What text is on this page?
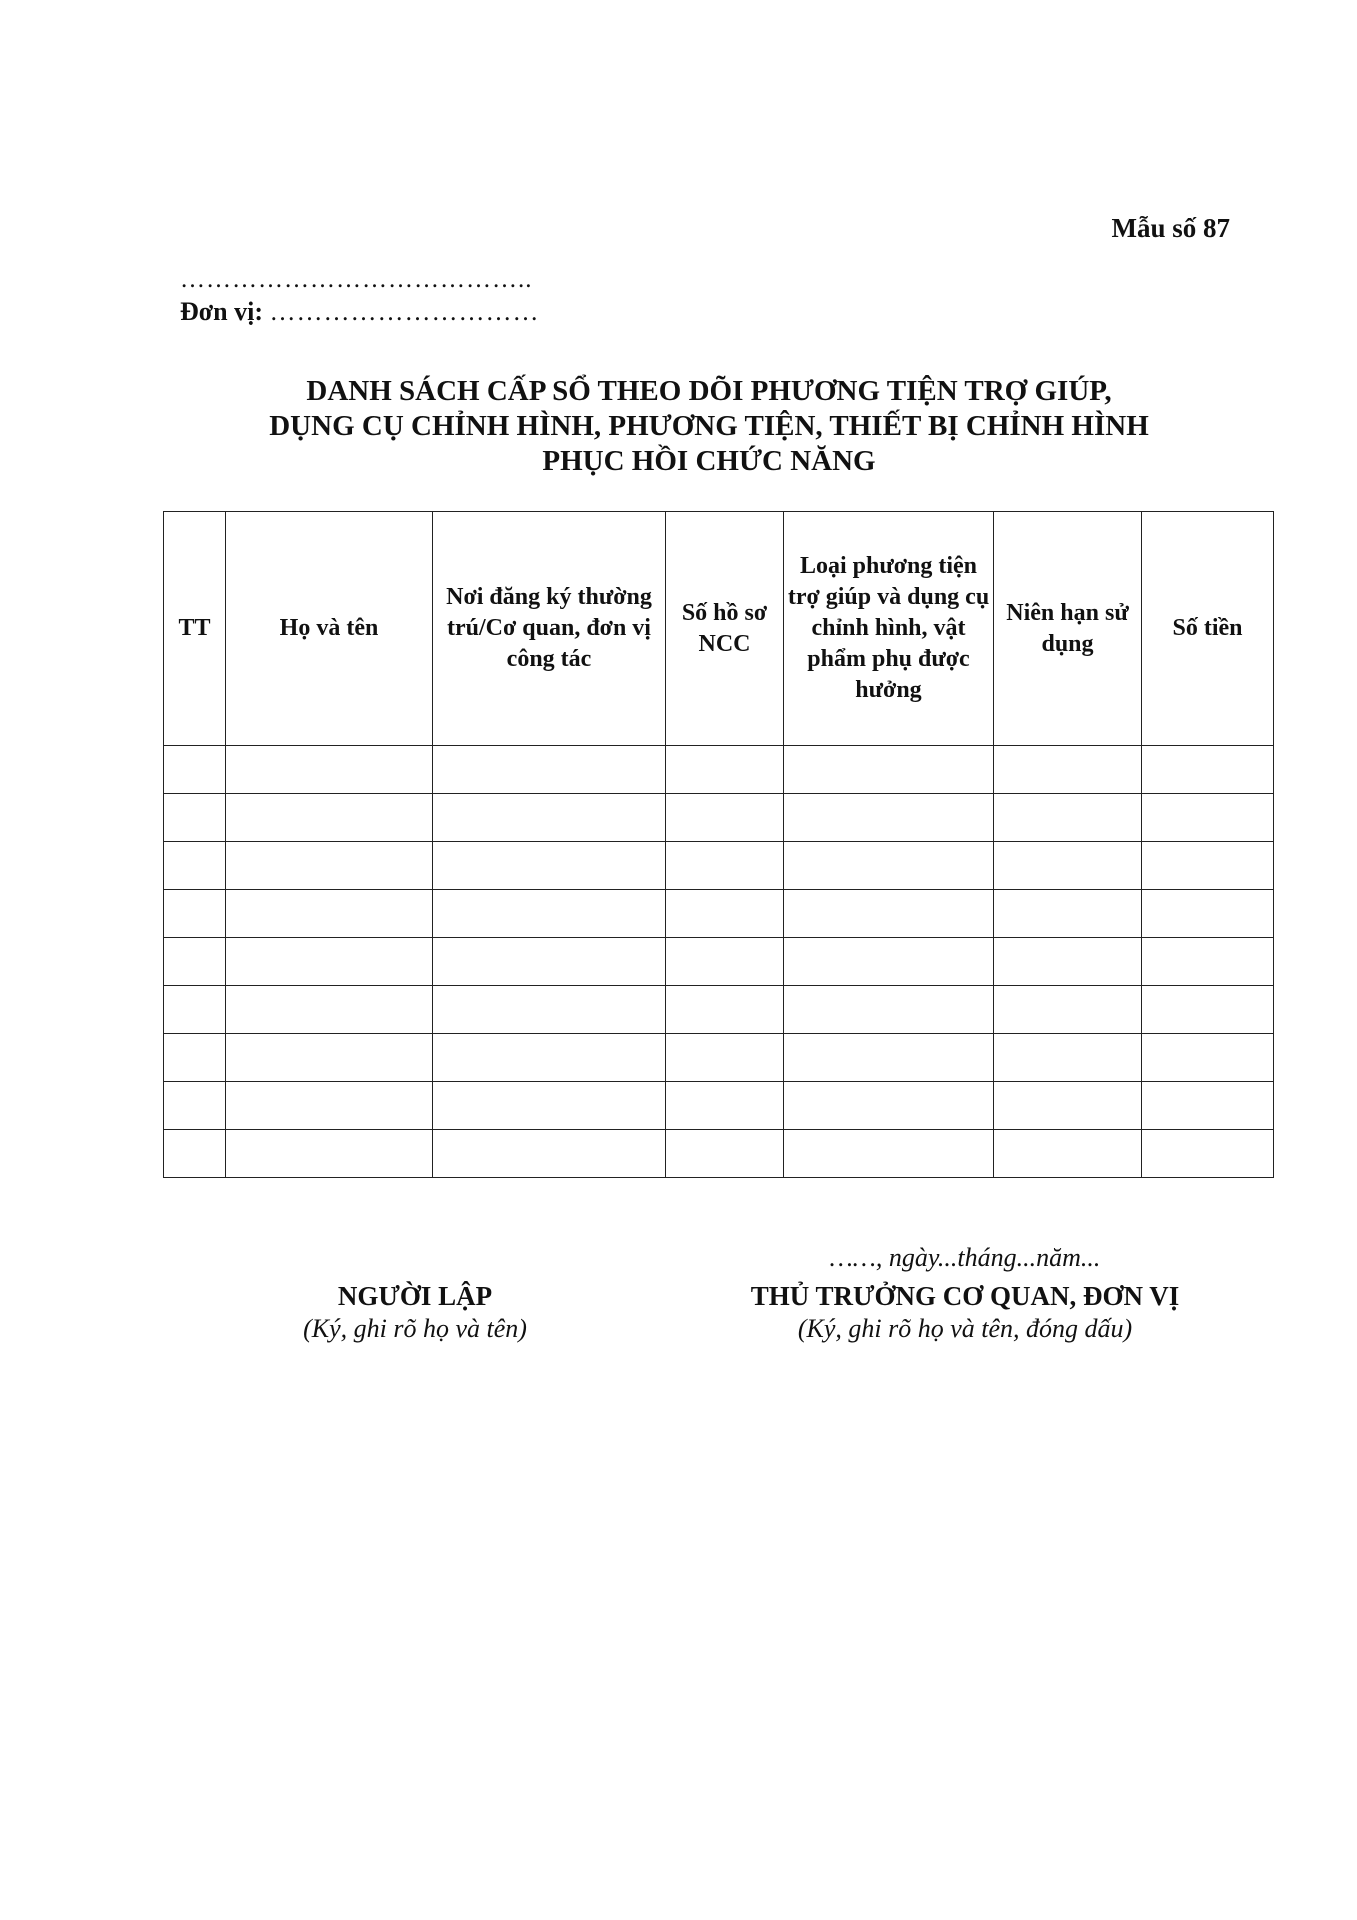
Mẫu số 87
…………………………………..
Đơn vị: …………………………
DANH SÁCH CẤP SỔ THEO DÕI PHƯƠNG TIỆN TRỢ GIÚP,
DỤNG CỤ CHỈNH HÌNH, PHƯƠNG TIỆN, THIẾT BỊ CHỈNH HÌNH
PHỤC HỒI CHỨC NĂNG
TT	Họ và tên	Nơi đăng ký thường trú/Cơ quan, đơn vị công tác	Số hồ sơ NCC	Loại phương tiện trợ giúp và dụng cụ chỉnh hình, vật phẩm phụ được hưởng	Niên hạn sử dụng	Số tiền

……, ngày...tháng...năm...
NGƯỜI LẬP
(Ký, ghi rõ họ và tên)
THỦ TRƯỞNG CƠ QUAN, ĐƠN VỊ
(Ký, ghi rõ họ và tên, đóng dấu)
